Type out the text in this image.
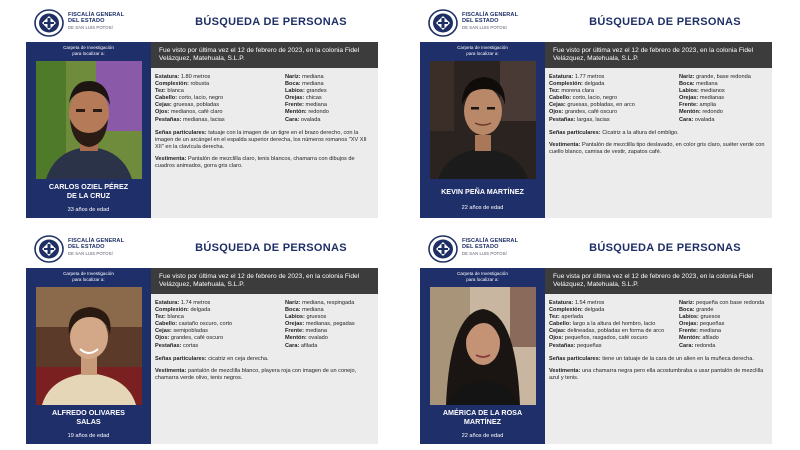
FISCALÍA GENERAL
DEL ESTADO
DE SAN LUIS POTOSÍ	BÚSQUEDA DE PERSONAS
Carpeta de Investigación
para localizar a:
CARLOS OZIEL PÉREZ
DE LA CRUZ
33 años de edad
Fue visto por última vez el 12 de febrero de 2023, en la colonia Fidel Velázquez, Matehuala, S.L.P.
Estatura: 1.80 metros
Complexión: robusta
Tez: blanca
Cabello: corto, lacio, negro
Cejas: gruesas, pobladas
Ojos: medianos, café claro
Pestañas: medianas, lacias
Nariz: mediana
Boca: mediana
Labios: grandes
Orejas: chicas
Frente: mediana
Mentón: redondo
Cara: ovalada
Señas particulares: tatuaje con la imagen de un tigre en el brazo derecho, con la imagen de un arcángel en el espalda superior derecha, los números romanos "XV XII XII" en la clavícula derecha.
Vestimenta: Pantalón de mezclilla claro, tenis blancos, chamarra con dibujos de cuadros animados, gorra gris claro.
FISCALÍA GENERAL
DEL ESTADO
DE SAN LUIS POTOSÍ	BÚSQUEDA DE PERSONAS
Carpeta de Investigación
para localizar a:
KEVIN PEÑA MARTÍNEZ
22 años de edad
Fue visto por última vez el 12 de febrero de 2023, en la colonia Fidel Velázquez, Matehuala, S.L.P.
Estatura: 1.77 metros
Complexión: delgada
Tez: morena clara
Cabello: corto, lacio, negro
Cejas: gruesas, pobladas, en arco
Ojos: grandes, café oscuro
Pestañas: largas, lacias
Nariz: grande, base redonda
Boca: mediana
Labios: medianos
Orejas: medianas
Frente: amplia
Mentón: redondo
Cara: ovalada
Señas particulares: Cicatriz a la altura del ombligo.
Vestimenta: Pantalón de mezclilla tipo deslavado, en color gris claro, suéter verde con cuello blanco, camisa de vestir, zapatos café.
FISCALÍA GENERAL
DEL ESTADO
DE SAN LUIS POTOSÍ	BÚSQUEDA DE PERSONAS
Carpeta de Investigación
para localizar a:
ALFREDO OLIVARES
SALAS
19 años de edad
Fue visto por última vez el 12 de febrero de 2023, en la colonia Fidel Velázquez, Matehuala, S.L.P.
Estatura: 1.74 metros
Complexión: delgada
Tez: blanca
Cabello: castaño oscuro, corto
Cejas: semipobladas
Ojos: grandes, café oscuro
Pestañas: cortas
Nariz: mediana, respingada
Boca: mediana
Labios: gruesos
Orejas: medianas, pegadas
Frente: mediana
Mentón: ovalado
Cara: afilada
Señas particulares: cicatriz en ceja derecha.
Vestimenta: pantalón de mezclilla blanco, playera roja con imagen de un conejo, chamarra verde olivo, tenis negros.
FISCALÍA GENERAL
DEL ESTADO
DE SAN LUIS POTOSÍ	BÚSQUEDA DE PERSONAS
Carpeta de Investigación
para localizar a:
AMÉRICA DE LA ROSA
MARTÍNEZ
22 años de edad
Fue vista por última vez el 12 de febrero de 2023, en la colonia Fidel Velázquez, Matehuala, S.L.P.
Estatura: 1.54 metros
Complexión: delgada
Tez: aperlada
Cabello: largo a la altura del hombro, lacio
Cejas: delineadas, pobladas en forma de arco
Ojos: pequeños, rasgados, café oscuro
Pestañas: pequeñas
Nariz: pequeña con base redonda
Boca: grande
Labios: gruesos
Orejas: pequeñas
Frente: mediana
Mentón: afilado
Cara: redonda
Señas particulares: tiene un tatuaje de la cara de un alien en la muñeca derecha.
Vestimenta: una chamarra negra pero ella acostumbraba a usar pantalón de mezclilla azul y tenis.
